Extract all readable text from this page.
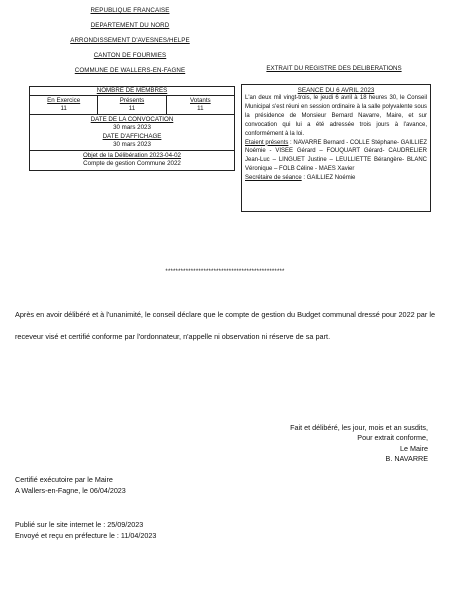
REPUBLIQUE FRANCAISE
DEPARTEMENT DU NORD
ARRONDISSEMENT D'AVESNES/HELPE
CANTON DE FOURMIES
COMMUNE DE WALLERS-EN-FAGNE	EXTRAIT DU REGISTRE DES DELIBERATIONS
NOMBRE DE MEMBRES
En Exercice
11
Présents
11
Votants
11
DATE DE LA CONVOCATION
30 mars 2023
DATE D'AFFICHAGE
30 mars 2023
Objet de la Délibération 2023-04-02
Compte de gestion Commune 2022
SEANCE DU 6 AVRIL 2023
L'an deux mil vingt-trois, le jeudi 6 avril à 18 heures 30, le Conseil Municipal s'est réuni en session ordinaire à la salle polyvalente sous la présidence de Monsieur Bernard Navarre, Maire, et sur convocation qui lui a été adressée trois jours à l'avance, conformément à la loi.
Etaient présents : NAVARRE Bernard - COLLE Stéphane- GAILLIEZ Noémie - VISEE Gérard – FOUQUART Gérard- CAUDRELIER Jean-Luc – LINGUET Justine – LEULLIETTE Bérangère- BLANC Véronique – FOLB Céline - MAES Xavier
Secrétaire de séance : GAILLIEZ Noémie
***********************************************
Après en avoir délibéré et à l'unanimité, le conseil déclare que le compte de gestion du Budget communal dressé pour 2022 par le receveur visé et certifié conforme par l'ordonnateur, n'appelle ni observation ni réserve de sa part.
Fait et délibéré, les jour, mois et an susdits,
Pour extrait conforme,
Le Maire
B. NAVARRE
Certifié exécutoire par le Maire
A Wallers-en-Fagne, le 06/04/2023
Publié sur le site internet le : 25/09/2023
Envoyé et reçu en préfecture le : 11/04/2023
